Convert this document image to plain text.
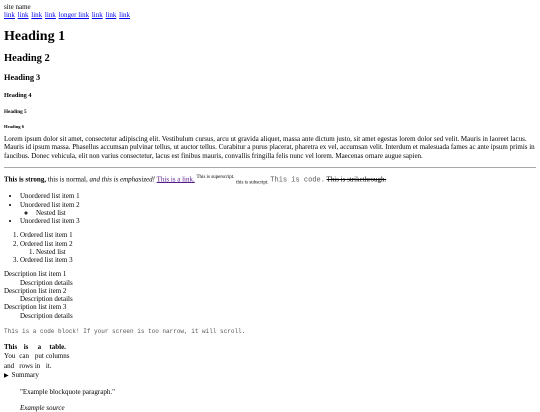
site name
link link link link longer link link link link
Heading 1
Heading 2
Heading 3
Heading 4
Heading 5
Heading 6

Lorem ipsum dolor sit amet, consectetur adipiscing elit. Vestibulum cursus, arcu ut gravida aliquet, massa ante dictum justo, sit amet egestas lorem dolor sed velit. Mauris in laoreet lacus. Mauris id ipsum massa. Phasellus accumsan pulvinar tellus, ut auctor tellus. Curabitur a purus placerat, pharetra ex vel, accumsan velit. Interdum et malesuada fames ac ante ipsum primis in faucibus. Donec vehicula, elit non varius consectetur, lacus est finibus mauris, convallis fringilla felis nunc vel lorem. Maecenas ornare augue sapien.

This is strong, this is normal, and this is emphasized! This is a link. $^{This is superscript.}$ $_{this is subscript.}$ This is code. This is strikethrough.

• Unordered list item 1
• Unordered list item 2
◦ Nested list
• Unordered list item 3
1. Ordered list item 1
2. Ordered list item 2
1. Nested list
3. Ordered list item 3
Description list item 1
Description details
Description list item 2
Description details
Description list item 3
Description details
This is a code block! If your screen is too narrow, it will scroll.
This	is	a	table.
You	can	put	columns
and	rows	in	it.
▶ Summary

"Example blockquote paragraph."

Example source
